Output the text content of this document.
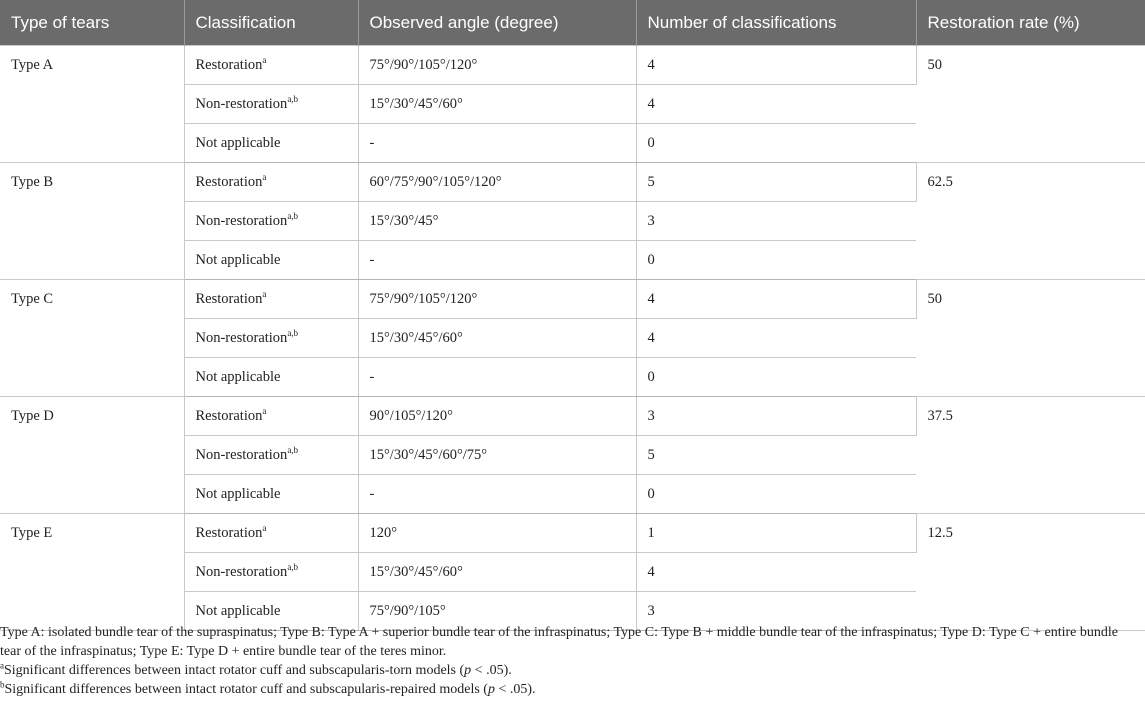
Type of tears	Classification	Observed angle (degree)	Number of classifications	Restoration rate (%)
Type A	Restoration$^a$	75°/90°/105°/120°	4	50
	Non-restoration$^{a,b}$	15°/30°/45°/60°	4	
	Not applicable	-	0	
Type B	Restoration$^a$	60°/75°/90°/105°/120°	5	62.5
	Non-restoration$^{a,b}$	15°/30°/45°	3	
	Not applicable	-	0	
Type C	Restoration$^a$	75°/90°/105°/120°	4	50
	Non-restoration$^{a,b}$	15°/30°/45°/60°	4	
	Not applicable	-	0	
Type D	Restoration$^a$	90°/105°/120°	3	37.5
	Non-restoration$^{a,b}$	15°/30°/45°/60°/75°	5	
	Not applicable	-	0	
Type E	Restoration$^a$	120°	1	12.5
	Non-restoration$^{a,b}$	15°/30°/45°/60°	4	
	Not applicable	75°/90°/105°	3	

Type A: isolated bundle tear of the supraspinatus; Type B: Type A + superior bundle tear of the infraspinatus; Type C: Type B + middle bundle tear of the infraspinatus; Type D: Type C + entire bundle tear of the infraspinatus; Type E: Type D + entire bundle tear of the teres minor.

$^a$Significant differences between intact rotator cuff and subscapularis-torn models (p < .05).

$^b$Significant differences between intact rotator cuff and subscapularis-repaired models (p < .05).
